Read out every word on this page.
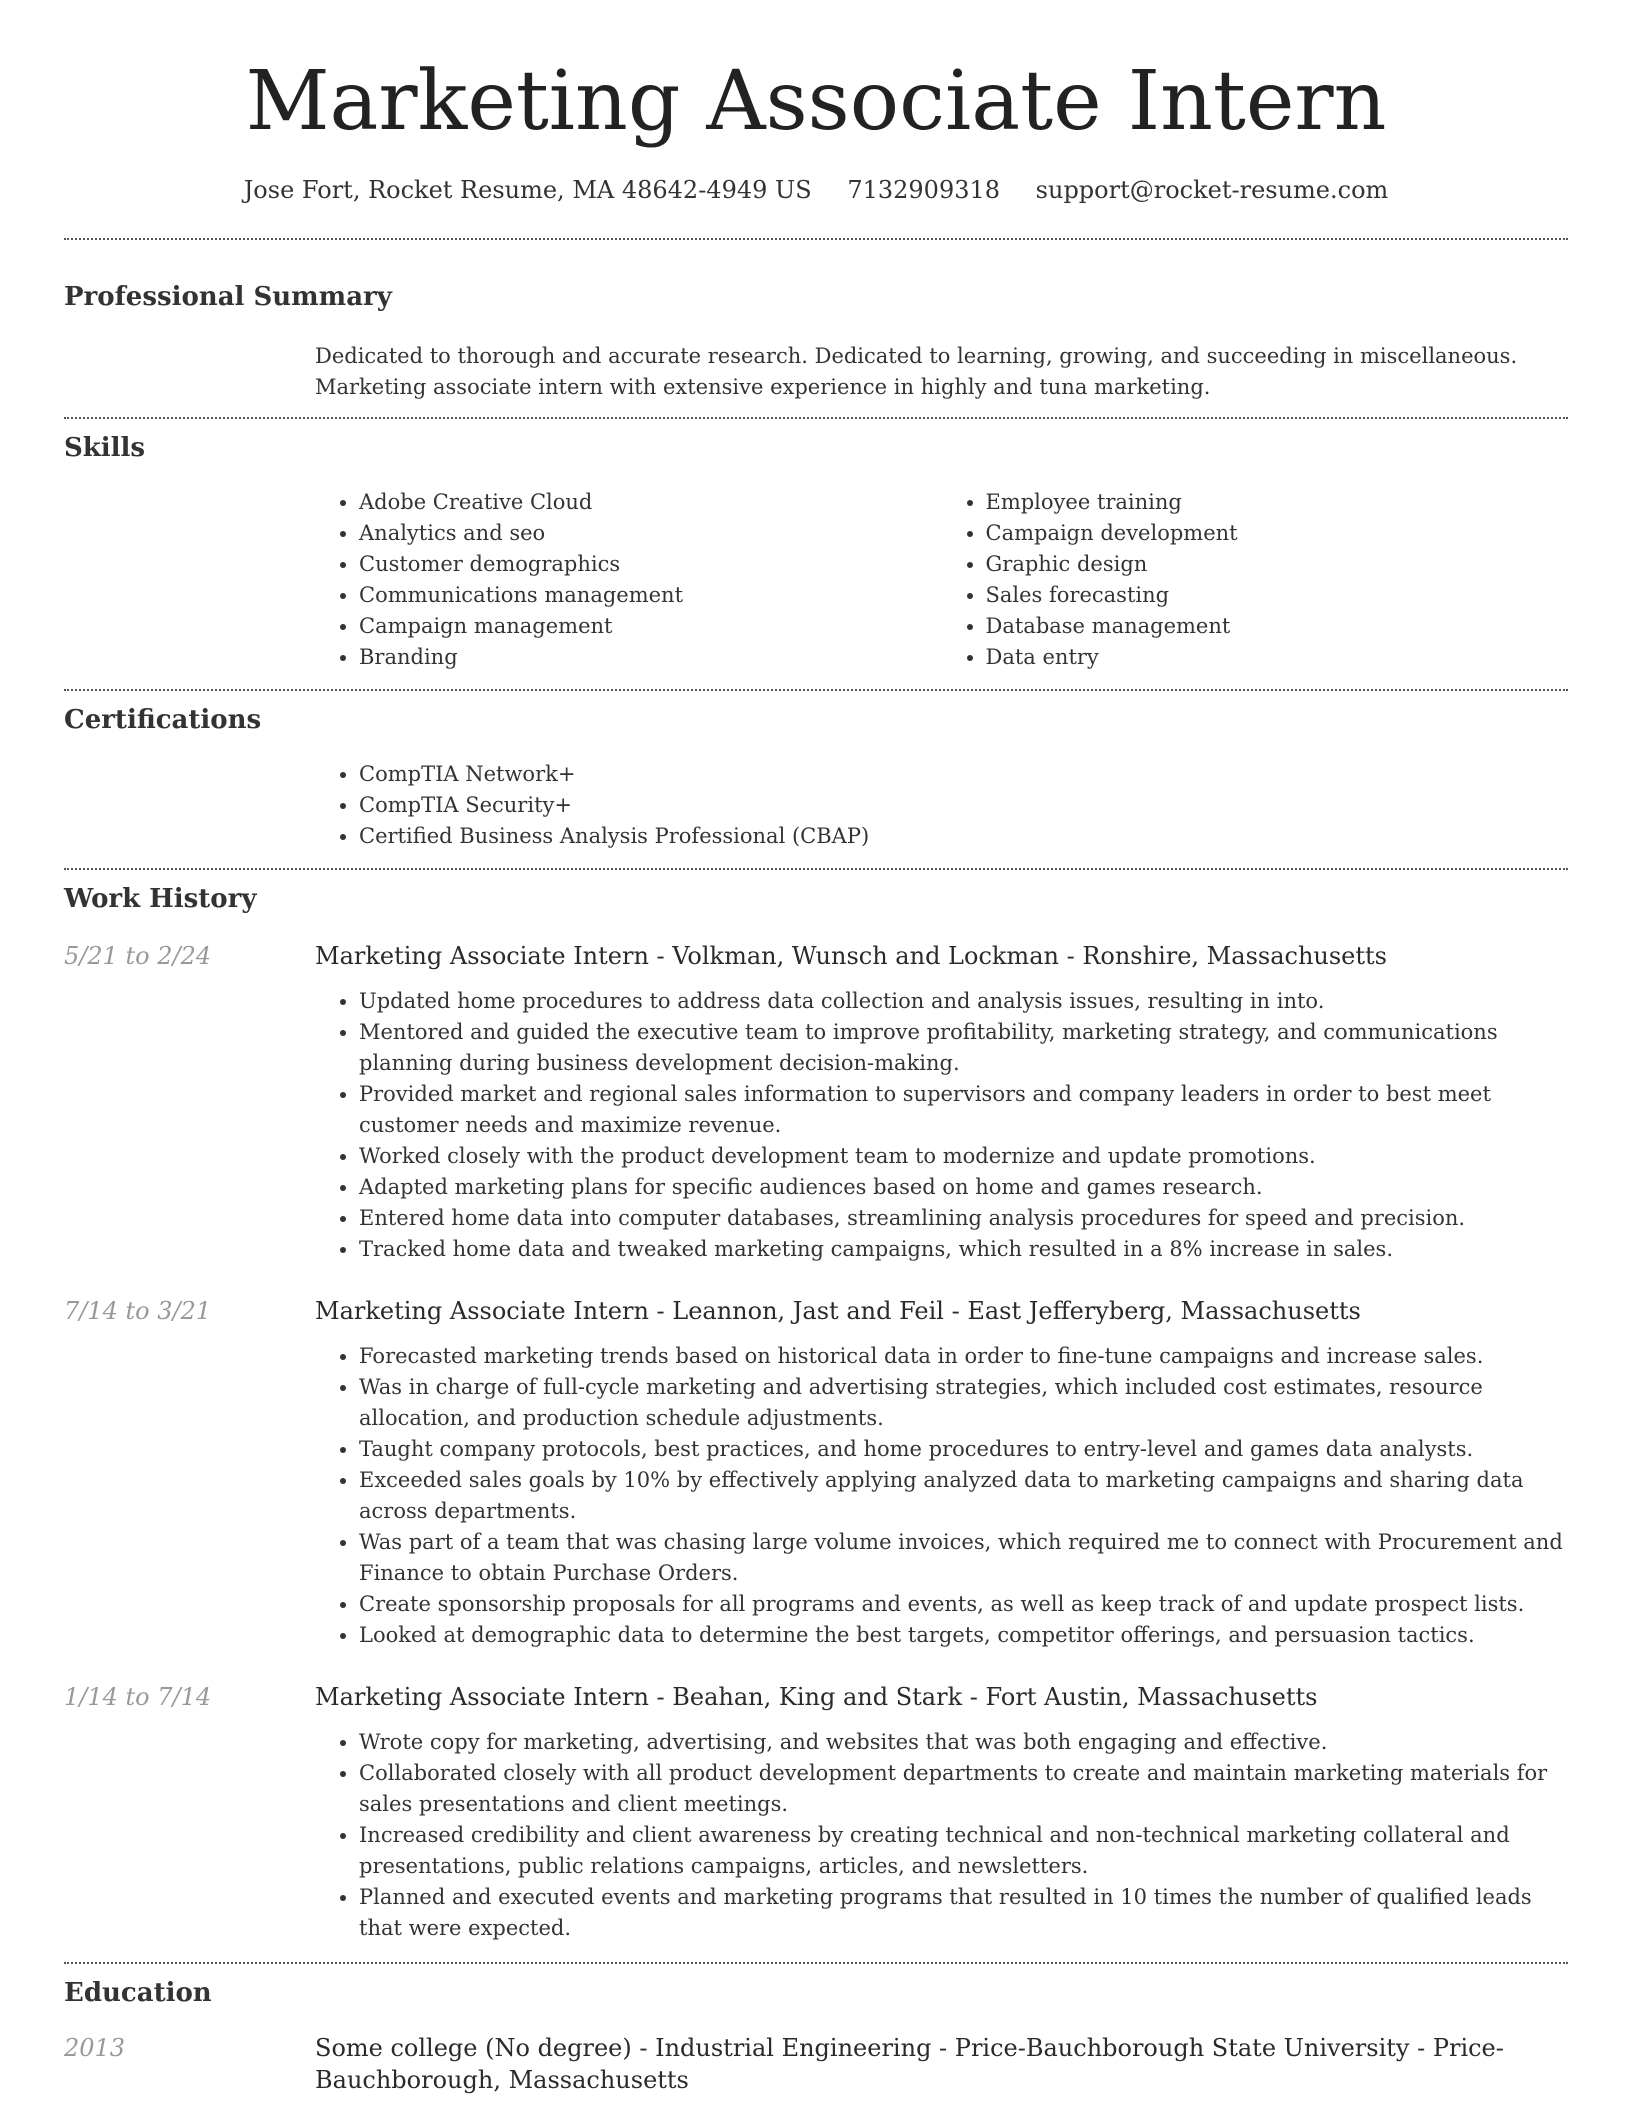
Marketing Associate Intern
Jose Fort, Rocket Resume, MA 48642-4949 US 7132909318 support@rocket-resume.com
Professional Summary
Dedicated to thorough and accurate research. Dedicated to learning, growing, and succeeding in miscellaneous. Marketing associate intern with extensive experience in highly and tuna marketing.
Skills
• Adobe Creative Cloud
• Analytics and seo
• Customer demographics
• Communications management
• Campaign management
• Branding
• Employee training
• Campaign development
• Graphic design
• Sales forecasting
• Database management
• Data entry
Certifications
• CompTIA Network+
• CompTIA Security+
• Certified Business Analysis Professional (CBAP)
Work History
5/21 to 2/24	Marketing Associate Intern - Volkman, Wunsch and Lockman - Ronshire, Massachusetts
• Updated home procedures to address data collection and analysis issues, resulting in into.
• Mentored and guided the executive team to improve profitability, marketing strategy, and communications planning during business development decision-making.
• Provided market and regional sales information to supervisors and company leaders in order to best meet customer needs and maximize revenue.
• Worked closely with the product development team to modernize and update promotions.
• Adapted marketing plans for specific audiences based on home and games research.
• Entered home data into computer databases, streamlining analysis procedures for speed and precision.
• Tracked home data and tweaked marketing campaigns, which resulted in a 8% increase in sales.
7/14 to 3/21	Marketing Associate Intern - Leannon, Jast and Feil - East Jefferyberg, Massachusetts
• Forecasted marketing trends based on historical data in order to fine-tune campaigns and increase sales.
• Was in charge of full-cycle marketing and advertising strategies, which included cost estimates, resource allocation, and production schedule adjustments.
• Taught company protocols, best practices, and home procedures to entry-level and games data analysts.
• Exceeded sales goals by 10% by effectively applying analyzed data to marketing campaigns and sharing data across departments.
• Was part of a team that was chasing large volume invoices, which required me to connect with Procurement and Finance to obtain Purchase Orders.
• Create sponsorship proposals for all programs and events, as well as keep track of and update prospect lists.
• Looked at demographic data to determine the best targets, competitor offerings, and persuasion tactics.
1/14 to 7/14	Marketing Associate Intern - Beahan, King and Stark - Fort Austin, Massachusetts
• Wrote copy for marketing, advertising, and websites that was both engaging and effective.
• Collaborated closely with all product development departments to create and maintain marketing materials for sales presentations and client meetings.
• Increased credibility and client awareness by creating technical and non-technical marketing collateral and presentations, public relations campaigns, articles, and newsletters.
• Planned and executed events and marketing programs that resulted in 10 times the number of qualified leads that were expected.
Education
2013	Some college (No degree) - Industrial Engineering - Price-Bauchborough State University - Price-Bauchborough, Massachusetts
